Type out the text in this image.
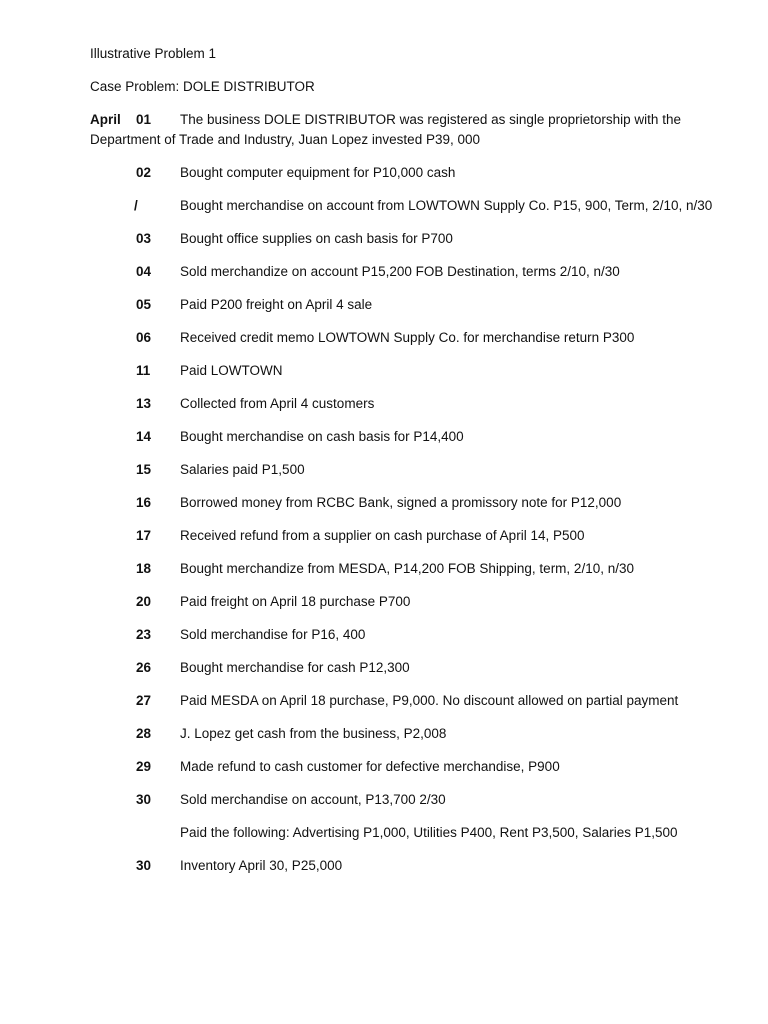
Illustrative Problem 1
Case Problem: DOLE DISTRIBUTOR
April 01 The business DOLE DISTRIBUTOR was registered as single proprietorship with the
Department of Trade and Industry, Juan Lopez invested P39, 000
02 Bought computer equipment for P10,000 cash
/	Bought merchandise on account from LOWTOWN Supply Co. P15, 900, Term, 2/10, n/30
03 Bought office supplies on cash basis for P700
04 Sold merchandize on account P15,200 FOB Destination, terms 2/10, n/30
05 Paid P200 freight on April 4 sale
06 Received credit memo LOWTOWN Supply Co. for merchandise return P300
11 Paid LOWTOWN
13 Collected from April 4 customers
14 Bought merchandise on cash basis for P14,400
15 Salaries paid P1,500
16 Borrowed money from RCBC Bank, signed a promissory note for P12,000
17 Received refund from a supplier on cash purchase of April 14, P500
18 Bought merchandize from MESDA, P14,200 FOB Shipping, term, 2/10, n/30
20 Paid freight on April 18 purchase P700
23 Sold merchandise for P16, 400
26 Bought merchandise for cash P12,300
27 Paid MESDA on April 18 purchase, P9,000. No discount allowed on partial payment
28 J. Lopez get cash from the business, P2,008
29 Made refund to cash customer for defective merchandise, P900
30 Sold merchandise on account, P13,700 2/30
Paid the following: Advertising P1,000, Utilities P400, Rent P3,500, Salaries P1,500
30 Inventory April 30, P25,000
